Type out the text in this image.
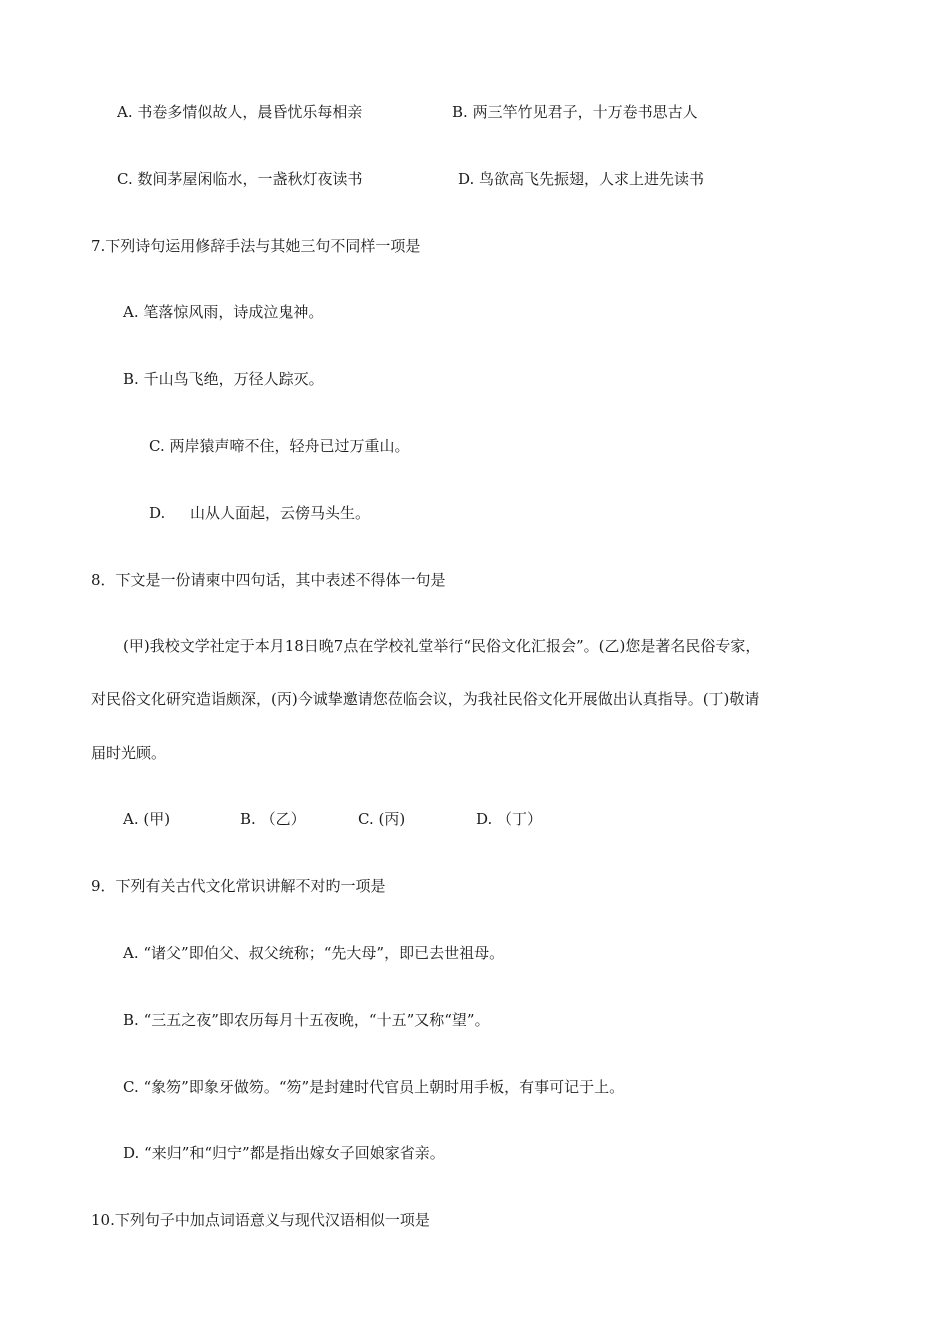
A. 书卷多情似故人，晨昏忧乐每相亲	B. 两三竿竹见君子，十万卷书思古人
C. 数间茅屋闲临水，一盏秋灯夜读书	D. 鸟欲高飞先振翅，人求上进先读书
7.下列诗句运用修辞手法与其她三句不同样一项是
A. 笔落惊风雨，诗成泣鬼神。
B. 千山鸟飞绝，万径人踪灭。
C. 两岸猿声啼不住，轻舟已过万重山。
D. 山从人面起，云傍马头生。
8．下文是一份请柬中四句话，其中表述不得体一句是
(甲)我校文学社定于本月18日晚7点在学校礼堂举行“民俗文化汇报会”。(乙)您是著名民俗专家，
对民俗文化研究造诣颇深，(丙)今诚挚邀请您莅临会议，为我社民俗文化开展做出认真指导。(丁)敬请
届时光顾。
A. (甲)	B. （乙）	C. (丙)	D. （丁）
9．下列有关古代文化常识讲解不对旳一项是
A. “诸父”即伯父、叔父统称；“先大母”，即已去世祖母。
B. “三五之夜”即农历每月十五夜晚，“十五”又称“望”。
C. “象笏”即象牙做笏。“笏”是封建时代官员上朝时用手板，有事可记于上。
D. “来归”和“归宁”都是指出嫁女子回娘家省亲。
10.下列句子中加点词语意义与现代汉语相似一项是
